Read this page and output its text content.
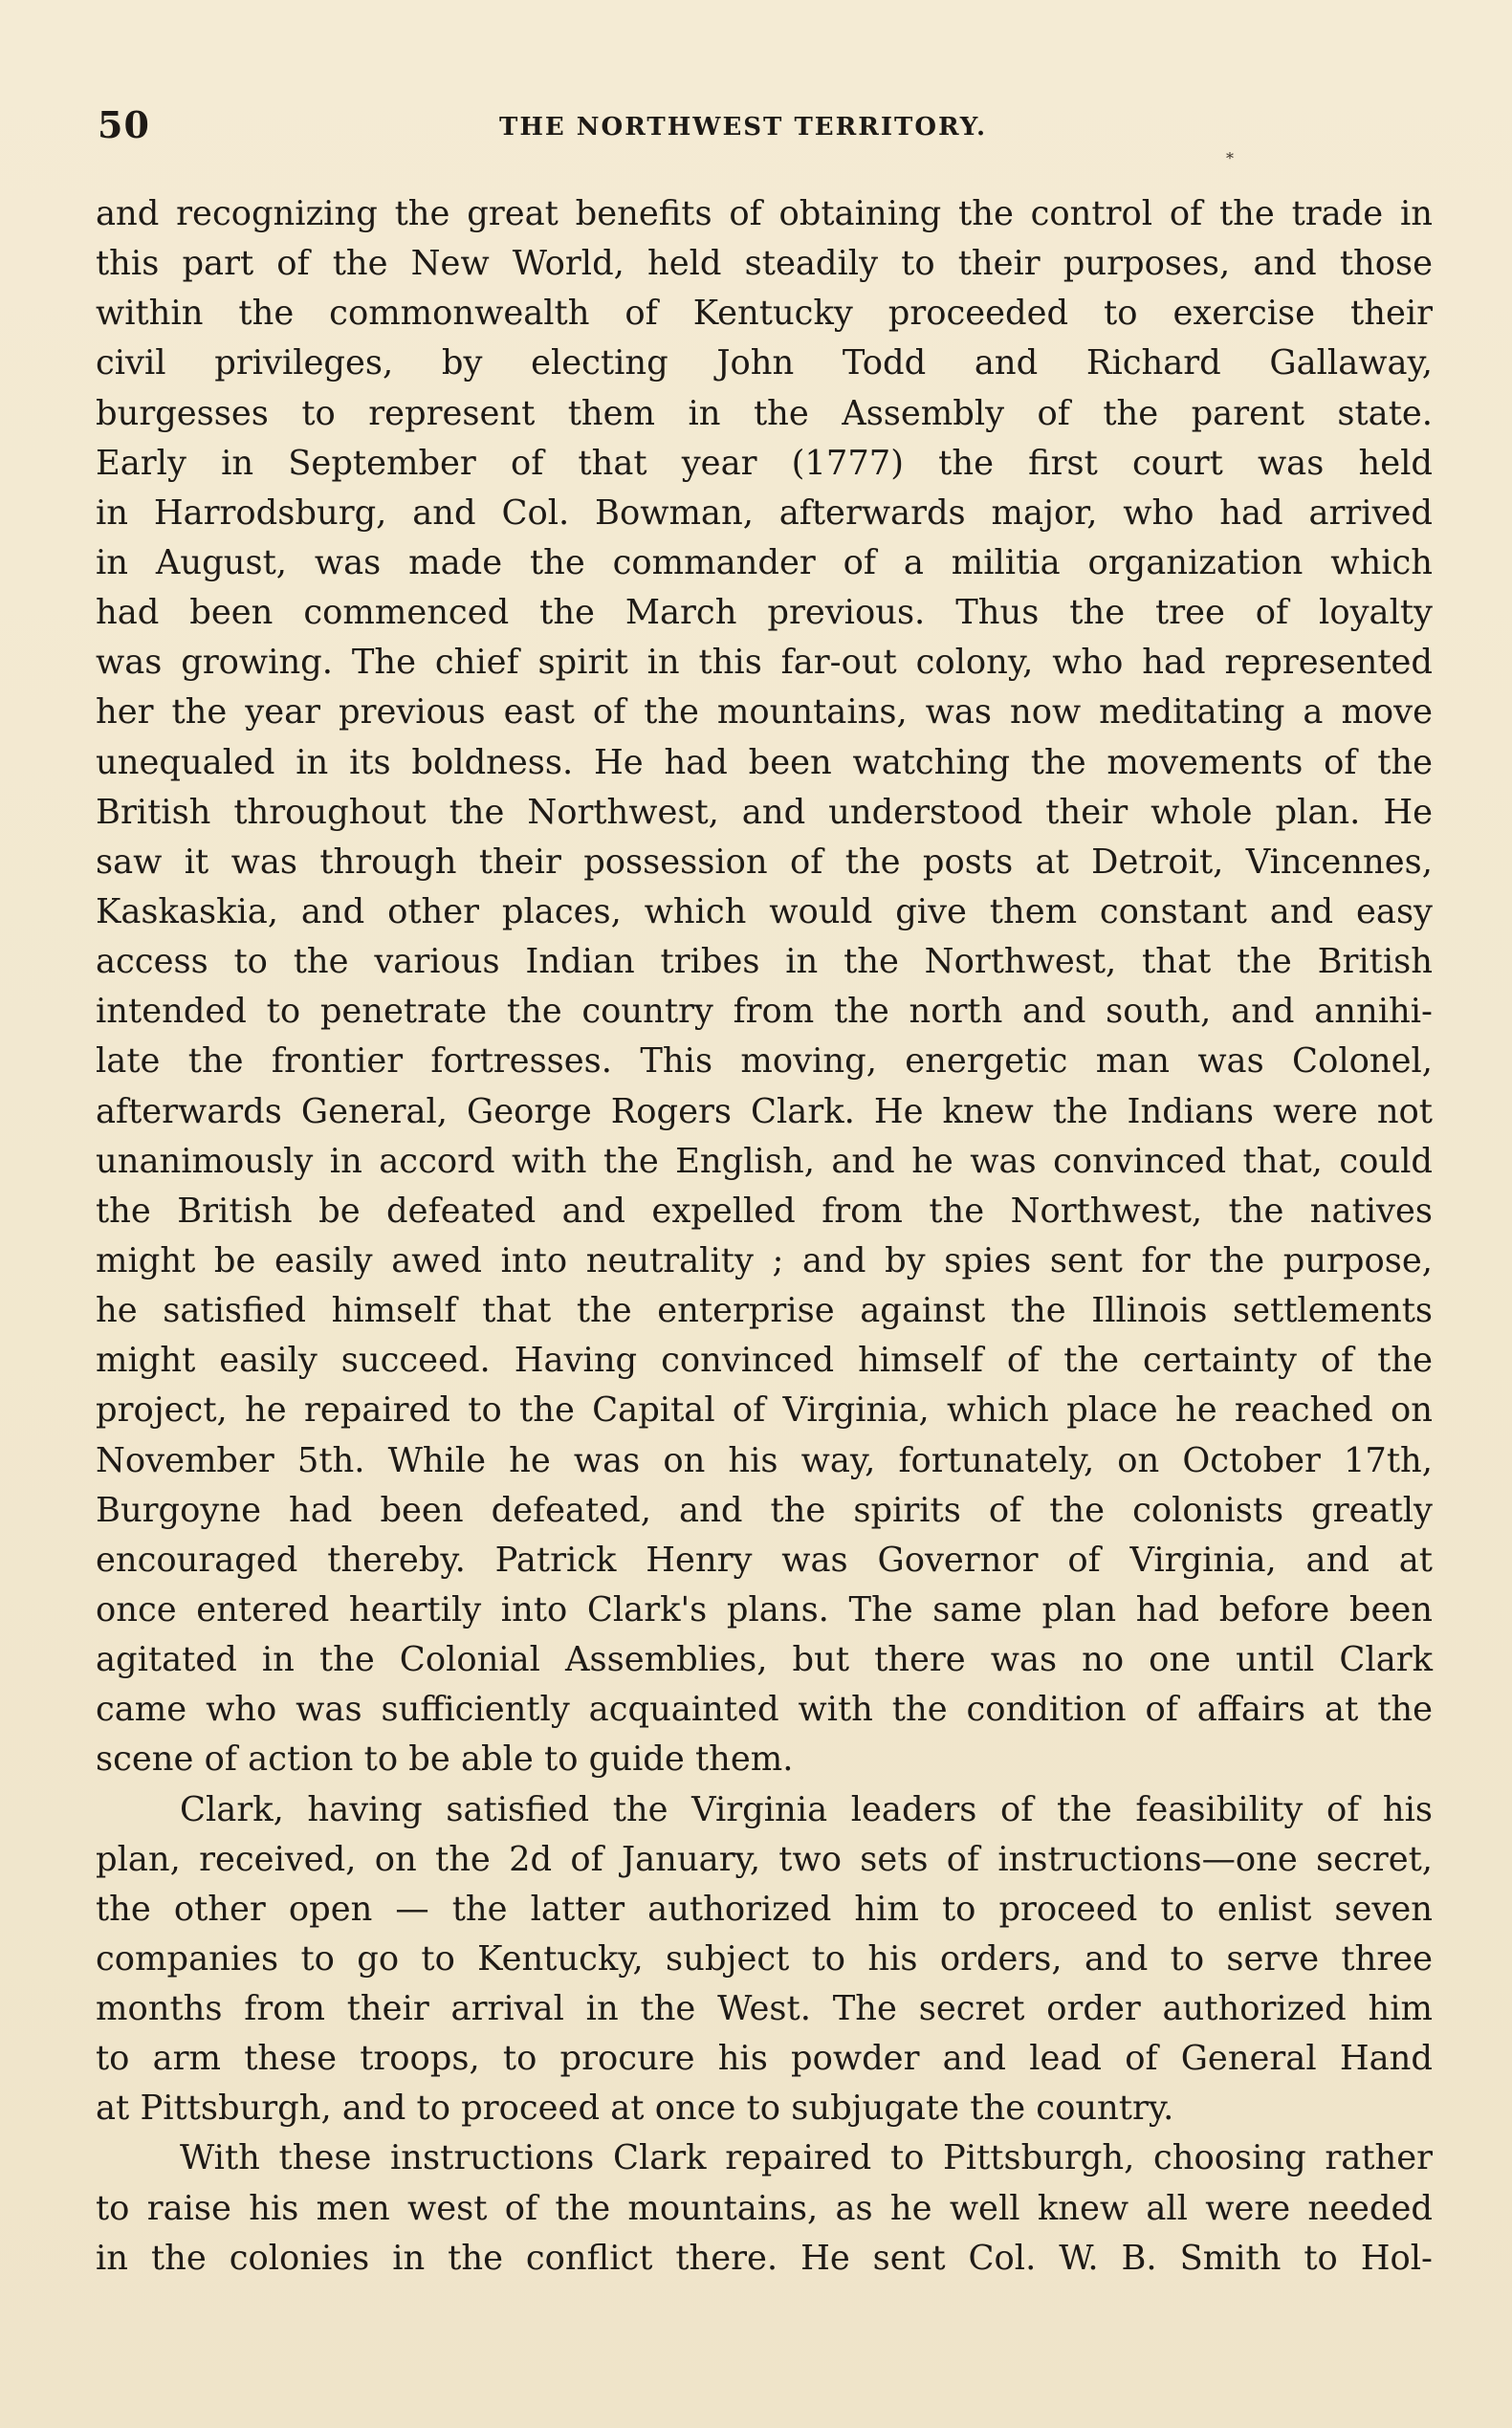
50	THE NORTHWEST TERRITORY.
*
and recognizing the great benefits of obtaining the control of the trade in
this part of the New World, held steadily to their purposes, and those
within the commonwealth of Kentucky proceeded to exercise their
civil privileges, by electing John Todd and Richard Gallaway,
burgesses to represent them in the Assembly of the parent state.
Early in September of that year (1777) the first court was held
in Harrodsburg, and Col. Bowman, afterwards major, who had arrived
in August, was made the commander of a militia organization which
had been commenced the March previous. Thus the tree of loyalty
was growing. The chief spirit in this far-out colony, who had represented
her the year previous east of the mountains, was now meditating a move
unequaled in its boldness. He had been watching the movements of the
British throughout the Northwest, and understood their whole plan. He
saw it was through their possession of the posts at Detroit, Vincennes,
Kaskaskia, and other places, which would give them constant and easy
access to the various Indian tribes in the Northwest, that the British
intended to penetrate the country from the north and south, and annihi-
late the frontier fortresses. This moving, energetic man was Colonel,
afterwards General, George Rogers Clark. He knew the Indians were not
unanimously in accord with the English, and he was convinced that, could
the British be defeated and expelled from the Northwest, the natives
might be easily awed into neutrality ; and by spies sent for the purpose,
he satisfied himself that the enterprise against the Illinois settlements
might easily succeed. Having convinced himself of the certainty of the
project, he repaired to the Capital of Virginia, which place he reached on
November 5th. While he was on his way, fortunately, on October 17th,
Burgoyne had been defeated, and the spirits of the colonists greatly
encouraged thereby. Patrick Henry was Governor of Virginia, and at
once entered heartily into Clark's plans. The same plan had before been
agitated in the Colonial Assemblies, but there was no one until Clark
came who was sufficiently acquainted with the condition of affairs at the
scene of action to be able to guide them.
Clark, having satisfied the Virginia leaders of the feasibility of his
plan, received, on the 2d of January, two sets of instructions—one secret,
the other open — the latter authorized him to proceed to enlist seven
companies to go to Kentucky, subject to his orders, and to serve three
months from their arrival in the West. The secret order authorized him
to arm these troops, to procure his powder and lead of General Hand
at Pittsburgh, and to proceed at once to subjugate the country.
With these instructions Clark repaired to Pittsburgh, choosing rather
to raise his men west of the mountains, as he well knew all were needed
in the colonies in the conflict there. He sent Col. W. B. Smith to Hol-
